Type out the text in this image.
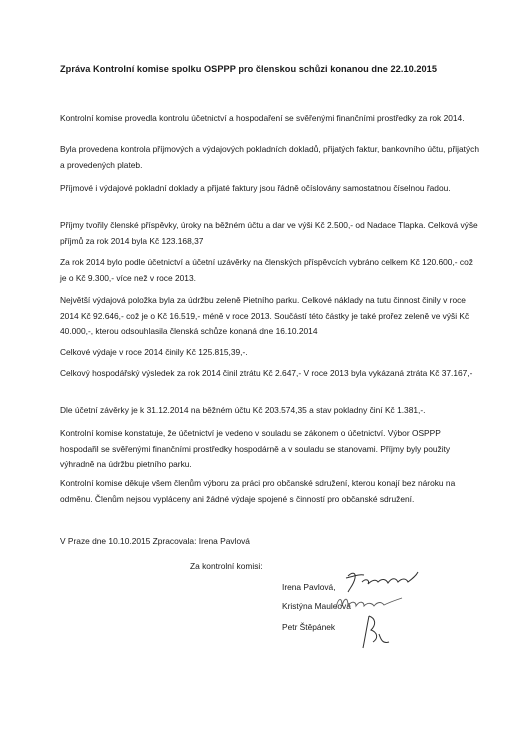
Zpráva Kontrolní komise spolku OSPPP pro členskou schůzi konanou dne 22.10.2015
Kontrolní komise provedla kontrolu účetnictví a hospodaření se svěřenými finančními prostředky za rok 2014.
Byla provedena kontrola příjmových a výdajových pokladních dokladů, přijatých faktur, bankovního účtu, přijatých a provedených plateb.
Příjmové i výdajové pokladní doklady a přijaté faktury jsou řádně očíslovány samostatnou číselnou řadou.
Příjmy tvořily členské příspěvky, úroky na běžném účtu a dar ve výši Kč 2.500,- od Nadace Tlapka. Celková výše příjmů za rok 2014 byla Kč 123.168,37
Za rok 2014 bylo podle účetnictví a účetní uzávěrky na členských příspěvcích vybráno celkem Kč 120.600,- což je o Kč 9.300,- více než v roce 2013.
Největší výdajová položka byla za údržbu zeleně Pietního parku. Celkové náklady na tutu činnost činily v roce 2014 Kč 92.646,- což je o Kč 16.519,- méně v roce 2013. Součástí této částky je také prořez zeleně ve výši Kč 40.000,-, kterou odsouhlasila členská schůze konaná dne 16.10.2014
Celkové výdaje v roce 2014 činily Kč 125.815,39,-.
Celkový hospodářský výsledek za rok 2014 činil ztrátu Kč 2.647,- V roce 2013 byla vykázaná ztráta Kč 37.167,-
Dle účetní závěrky je k 31.12.2014 na běžném účtu Kč 203.574,35 a stav pokladny činí Kč 1.381,-.
Kontrolní komise konstatuje, že účetnictví je vedeno v souladu se zákonem o účetnictví. Výbor OSPPP hospodařil se svěřenými finančními prostředky hospodárně a v souladu se stanovami. Příjmy byly použity výhradně na údržbu pietního parku.
Kontrolní komise děkuje všem členům výboru za práci pro občanské sdružení, kterou konají bez nároku na odměnu. Členům nejsou vypláceny ani žádné výdaje spojené s činností pro občanské sdružení.
V Praze dne 10.10.2015 Zpracovala: Irena Pavlová
Za kontrolní komisi:
Irena Pavlová,
Kristýna Mauleová
Petr Štěpánek
